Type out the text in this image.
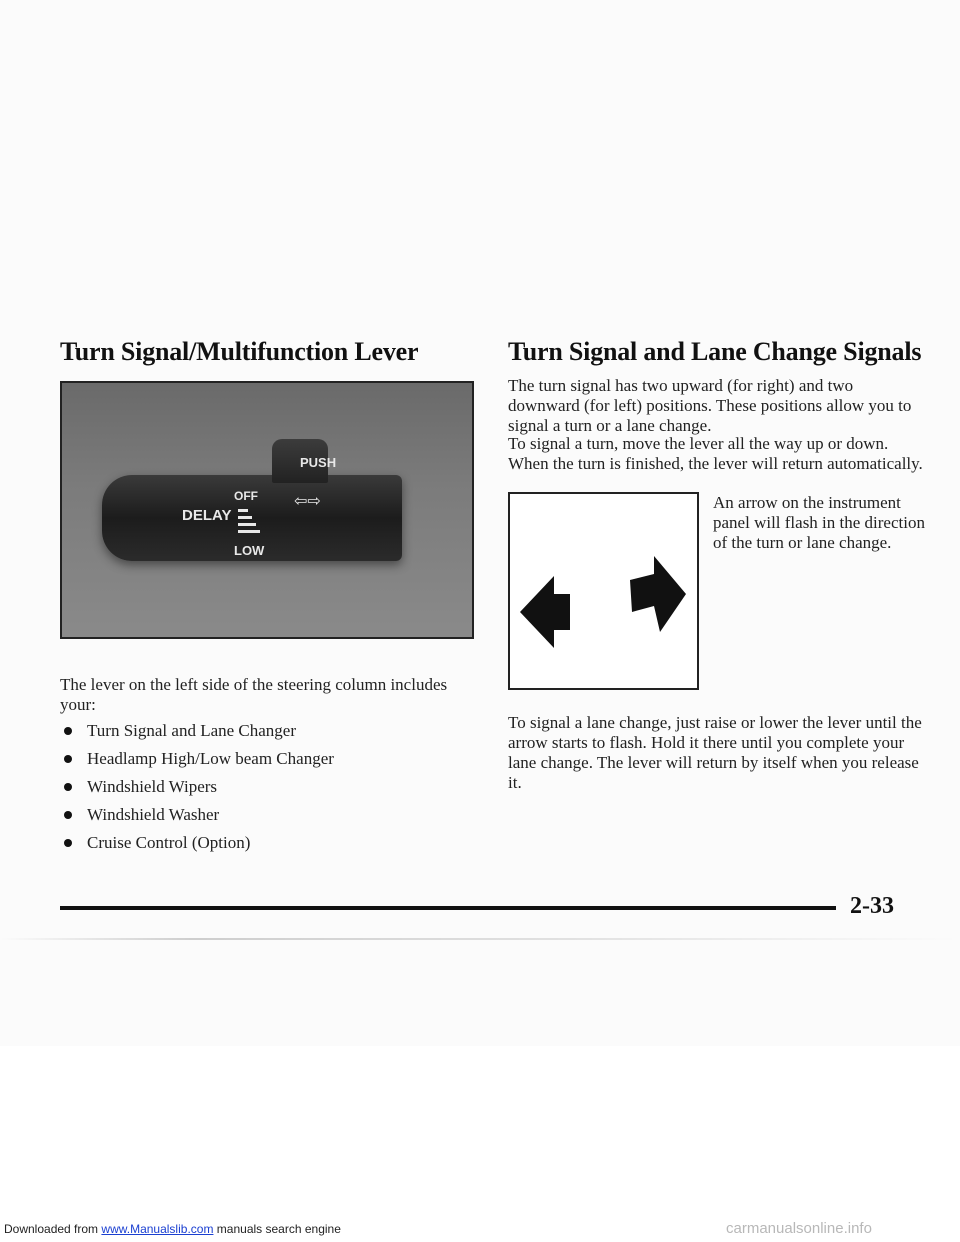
Turn Signal/Multifunction Lever	Turn Signal and Lane Change Signals
PUSH
OFF
DELAY
LOW
⇦⇨

The lever on the left side of the steering column includes your:

Turn Signal and Lane Changer
Headlamp High/Low beam Changer
Windshield Wipers
Windshield Washer
Cruise Control (Option)

The turn signal has two upward (for right) and two downward (for left) positions. These positions allow you to signal a turn or a lane change.

To signal a turn, move the lever all the way up or down. When the turn is finished, the lever will return automatically.

An arrow on the instrument panel will flash in the direction of the turn or lane change.

To signal a lane change, just raise or lower the lever until the arrow starts to flash. Hold it there until you complete your lane change. The lever will return by itself when you release it.

2-33
Downloaded from www.Manualslib.com manuals search engine	carmanualsonline.info
